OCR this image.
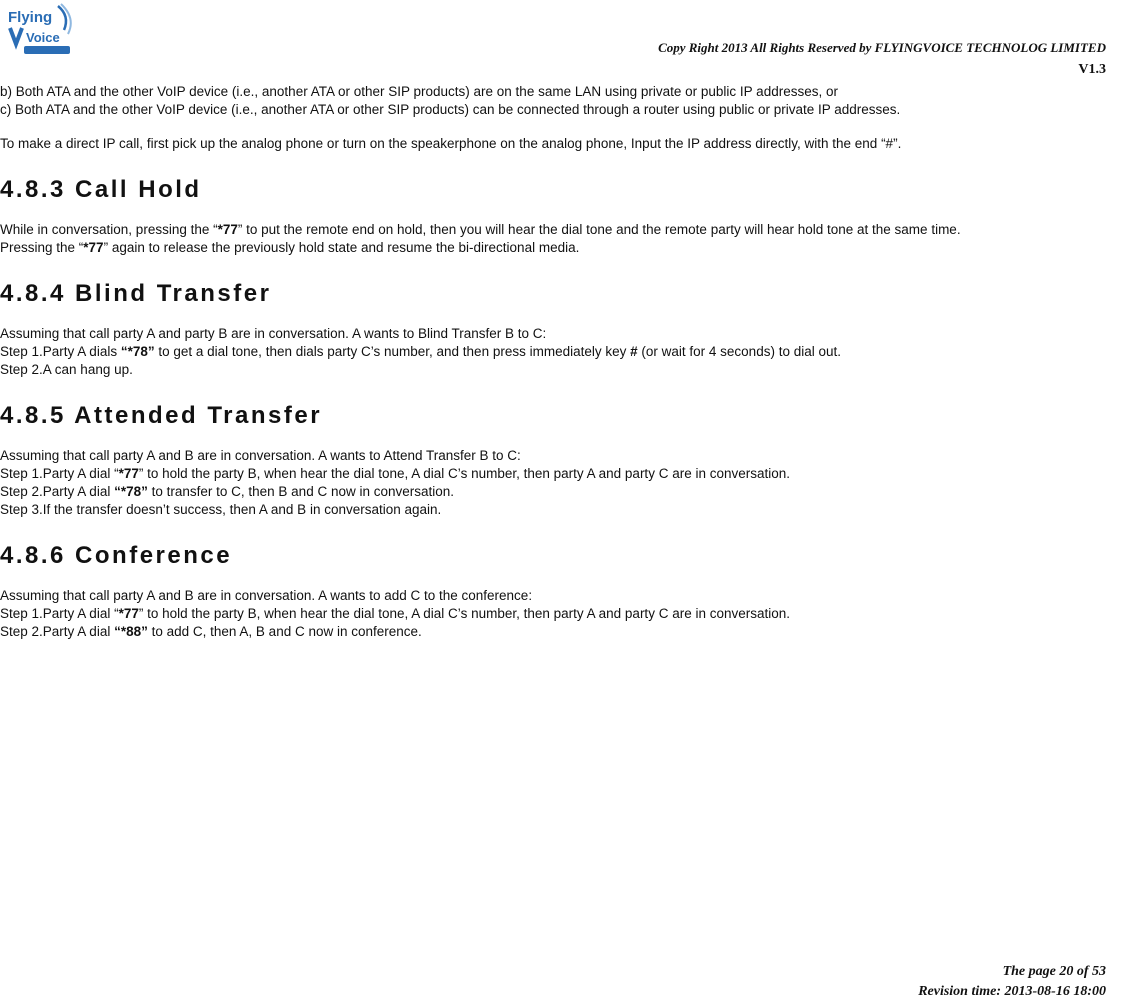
Flying
Voice
Copy Right 2013 All Rights Reserved by FLYINGVOICE TECHNOLOG LIMITED
V1.3

b) Both ATA and the other VoIP device (i.e., another ATA or other SIP products) are on the same LAN using private or public IP addresses, or

c) Both ATA and the other VoIP device (i.e., another ATA or other SIP products) can be connected through a router using public or private IP addresses.

To make a direct IP call, first pick up the analog phone or turn on the speakerphone on the analog phone, Input the IP address directly, with the end “#”.

4.8.3 Call Hold

While in conversation, pressing the “*77” to put the remote end on hold, then you will hear the dial tone and the remote party will hear hold tone at the same time.

Pressing the “*77” again to release the previously hold state and resume the bi-directional media.

4.8.4 Blind Transfer

Assuming that call party A and party B are in conversation. A wants to Blind Transfer B to C:

Step 1.Party A dials “*78” to get a dial tone, then dials party C’s number, and then press immediately key # (or wait for 4 seconds) to dial out.

Step 2.A can hang up.

4.8.5 Attended Transfer

Assuming that call party A and B are in conversation. A wants to Attend Transfer B to C:

Step 1.Party A dial “*77” to hold the party B, when hear the dial tone, A dial C’s number, then party A and party C are in conversation.

Step 2.Party A dial “*78” to transfer to C, then B and C now in conversation.

Step 3.If the transfer doesn’t success, then A and B in conversation again.

4.8.6 Conference

Assuming that call party A and B are in conversation. A wants to add C to the conference:

Step 1.Party A dial “*77” to hold the party B, when hear the dial tone, A dial C’s number, then party A and party C are in conversation.

Step 2.Party A dial “*88” to add C, then A, B and C now in conference.

The page 20 of 53
Revision time: 2013-08-16 18:00
